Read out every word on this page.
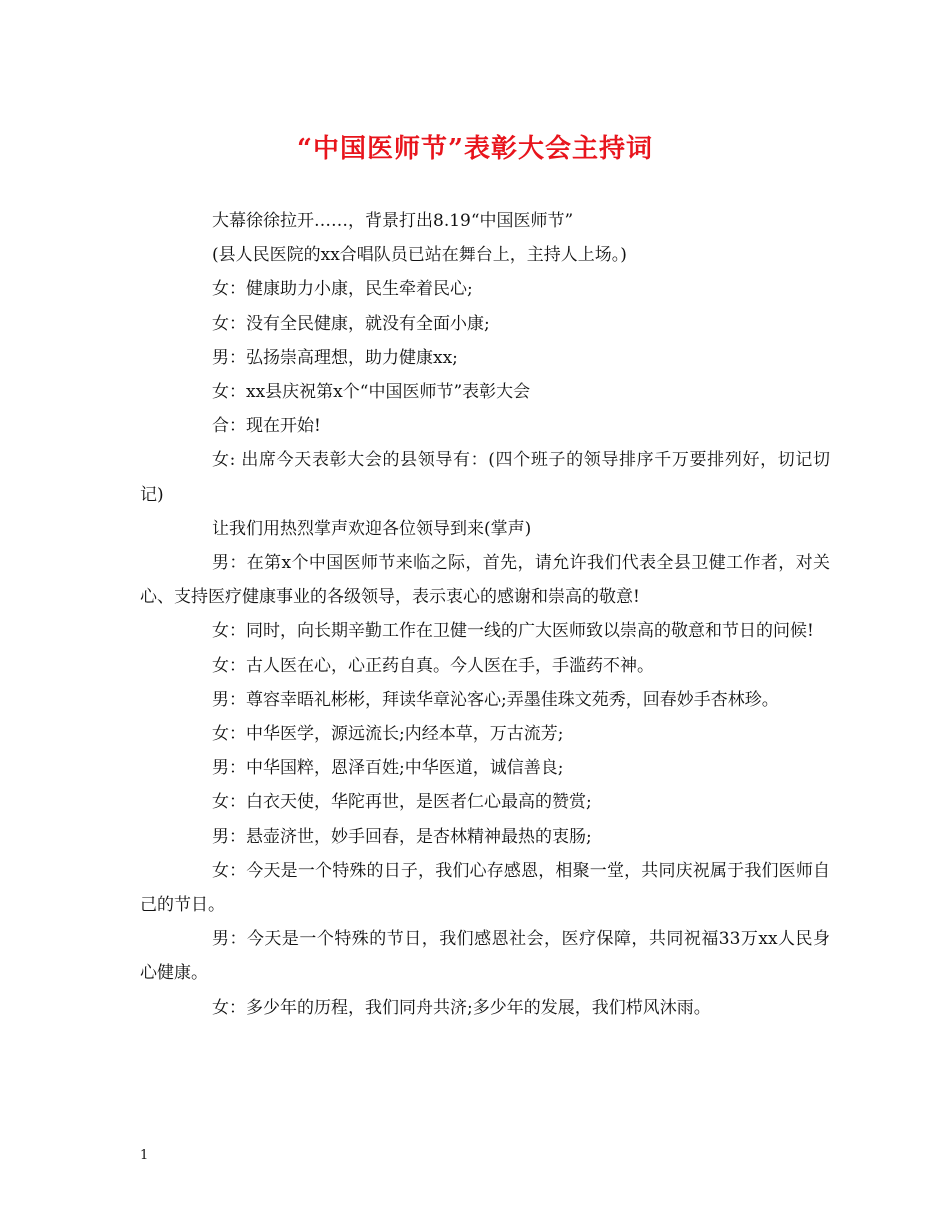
“中国医师节”表彰大会主持词

大幕徐徐拉开……，背景打出8.19“中国医师节”

(县人民医院的xx合唱队员已站在舞台上，主持人上场。)

女：健康助力小康，民生牵着民心;

女：没有全民健康，就没有全面小康;

男：弘扬崇高理想，助力健康xx;

女：xx县庆祝第x个“中国医师节”表彰大会

合：现在开始!

女: 出席今天表彰大会的县领导有：(四个班子的领导排序千万要排列好，切记切记)

让我们用热烈掌声欢迎各位领导到来(掌声)

男：在第x个中国医师节来临之际，首先，请允许我们代表全县卫健工作者，对关心、支持医疗健康事业的各级领导，表示衷心的感谢和崇高的敬意!

女：同时，向长期辛勤工作在卫健一线的广大医师致以崇高的敬意和节日的问候!

女：古人医在心，心正药自真。今人医在手，手滥药不神。

男：尊容幸晤礼彬彬，拜读华章沁客心;弄墨佳珠文苑秀，回春妙手杏林珍。

女：中华医学，源远流长;内经本草，万古流芳;

男：中华国粹，恩泽百姓;中华医道，诚信善良;

女：白衣天使，华陀再世，是医者仁心最高的赞赏;

男：悬壶济世，妙手回春，是杏林精神最热的衷肠;

女：今天是一个特殊的日子，我们心存感恩，相聚一堂，共同庆祝属于我们医师自己的节日。

男：今天是一个特殊的节日，我们感恩社会，医疗保障，共同祝福33万xx人民身心健康。

女：多少年的历程，我们同舟共济;多少年的发展，我们栉风沐雨。

1
